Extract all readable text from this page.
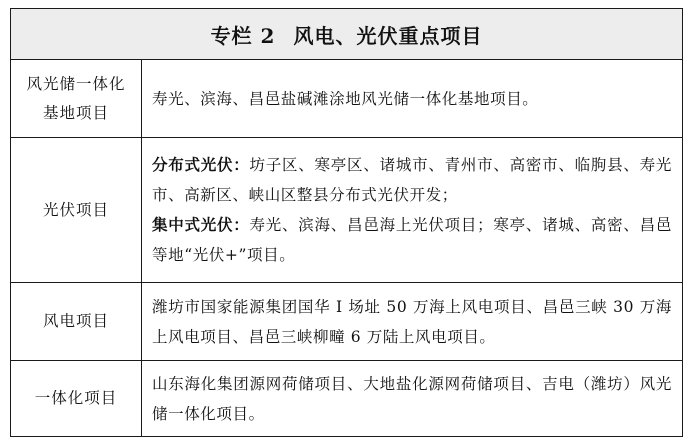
专栏 2 风电、光伏重点项目	

风光储一体化
基地项目	寿光、滨海、昌邑盐碱滩涂地风光储一体化基地项目。
光伏项目	分布式光伏：坊子区、寒亭区、诸城市、青州市、高密市、临朐县、寿光市、高新区、峡山区整县分布式光伏开发；
集中式光伏：寿光、滨海、昌邑海上光伏项目；寒亭、诸城、高密、昌邑等地“光伏+”项目。

风电项目	潍坊市国家能源集团国华 I 场址 50 万海上风电项目、昌邑三峡 30 万海上风电项目、昌邑三峡柳疃 6 万陆上风电项目。
一体化项目	山东海化集团源网荷储项目、大地盐化源网荷储项目、吉电（潍坊）风光储一体化项目。
